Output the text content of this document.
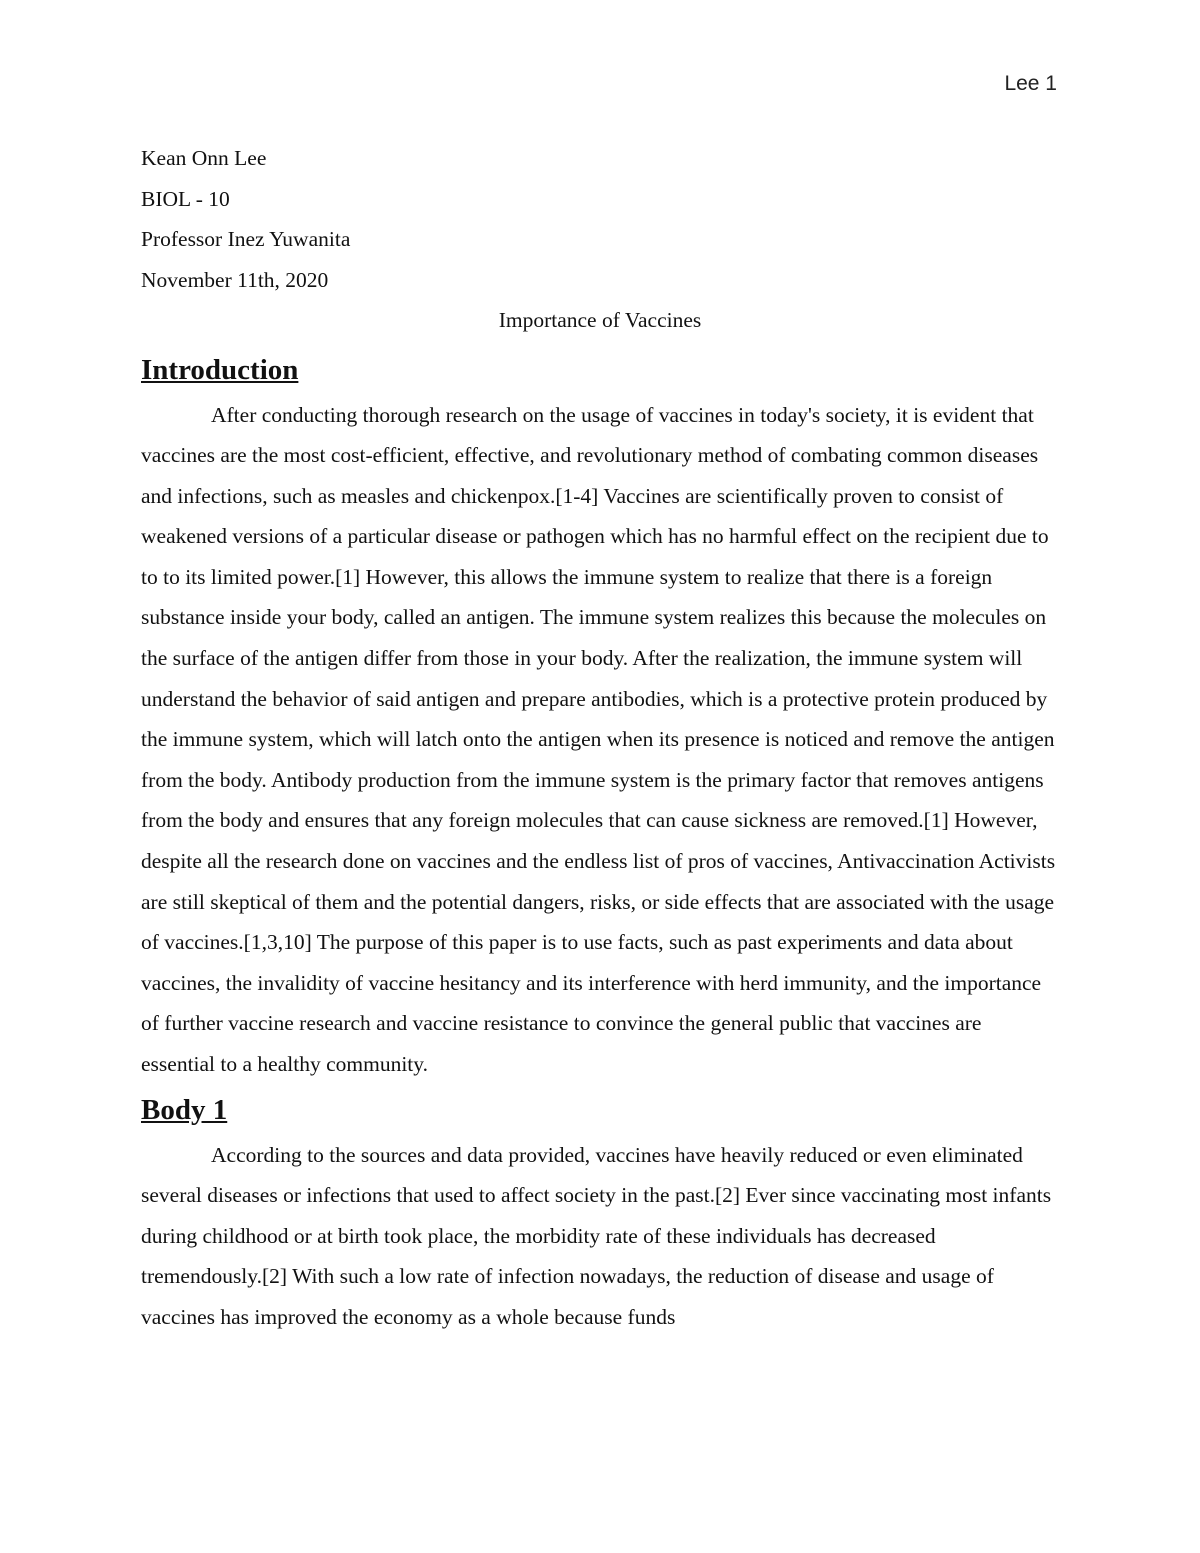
Lee 1

Kean Onn Lee

BIOL - 10

Professor Inez Yuwanita

November 11th, 2020

Importance of Vaccines

Introduction

After conducting thorough research on the usage of vaccines in today's society, it is evident that vaccines are the most cost-efficient, effective, and revolutionary method of combating common diseases and infections, such as measles and chickenpox.[1-4] Vaccines are scientifically proven to consist of weakened versions of a particular disease or pathogen which has no harmful effect on the recipient due to to to its limited power.[1] However, this allows the immune system to realize that there is a foreign substance inside your body, called an antigen. The immune system realizes this because the molecules on the surface of the antigen differ from those in your body. After the realization, the immune system will understand the behavior of said antigen and prepare antibodies, which is a protective protein produced by the immune system, which will latch onto the antigen when its presence is noticed and remove the antigen from the body. Antibody production from the immune system is the primary factor that removes antigens from the body and ensures that any foreign molecules that can cause sickness are removed.[1] However, despite all the research done on vaccines and the endless list of pros of vaccines, Antivaccination Activists are still skeptical of them and the potential dangers, risks, or side effects that are associated with the usage of vaccines.[1,3,10] The purpose of this paper is to use facts, such as past experiments and data about vaccines, the invalidity of vaccine hesitancy and its interference with herd immunity, and the importance of further vaccine research and vaccine resistance to convince the general public that vaccines are essential to a healthy community.

Body 1

According to the sources and data provided, vaccines have heavily reduced or even eliminated several diseases or infections that used to affect society in the past.[2] Ever since vaccinating most infants during childhood or at birth took place, the morbidity rate of these individuals has decreased tremendously.[2] With such a low rate of infection nowadays, the reduction of disease and usage of vaccines has improved the economy as a whole because funds
